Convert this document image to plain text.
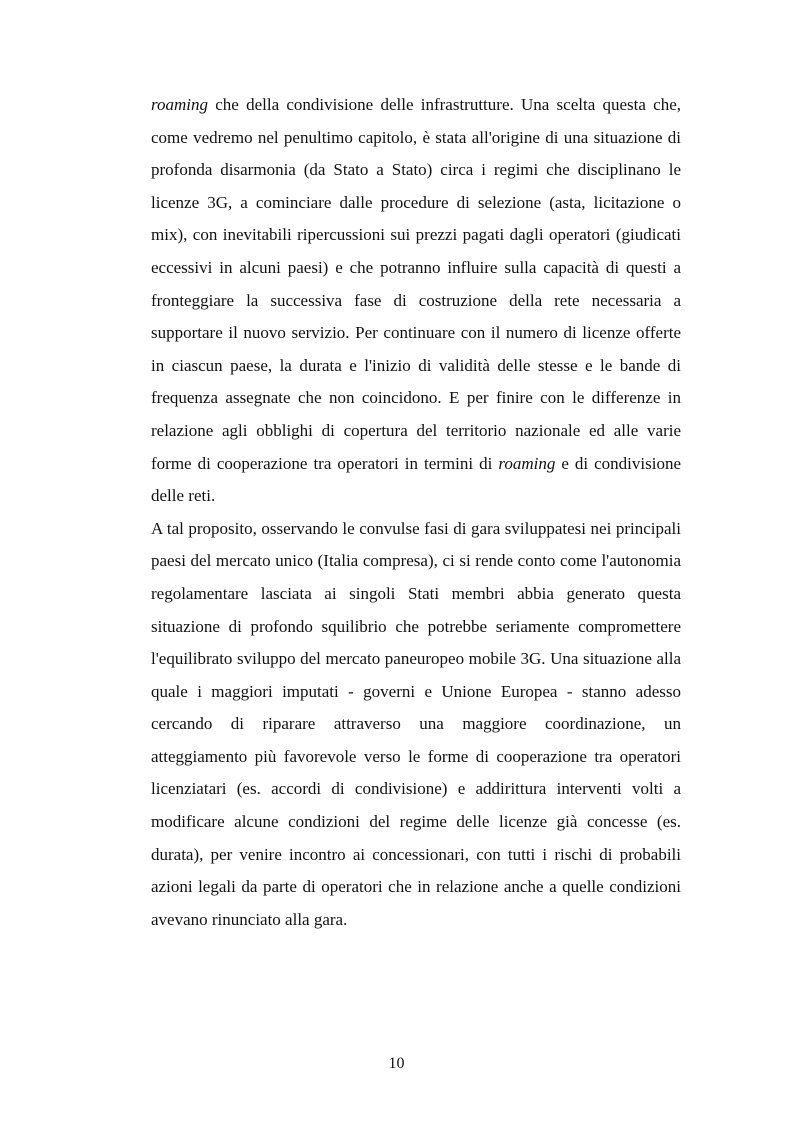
roaming che della condivisione delle infrastrutture. Una scelta questa che, come vedremo nel penultimo capitolo, è stata all'origine di una situazione di profonda disarmonia (da Stato a Stato) circa i regimi che disciplinano le licenze 3G, a cominciare dalle procedure di selezione (asta, licitazione o mix), con inevitabili ripercussioni sui prezzi pagati dagli operatori (giudicati eccessivi in alcuni paesi) e che potranno influire sulla capacità di questi a fronteggiare la successiva fase di costruzione della rete necessaria a supportare il nuovo servizio. Per continuare con il numero di licenze offerte in ciascun paese, la durata e l'inizio di validità delle stesse e le bande di frequenza assegnate che non coincidono. E per finire con le differenze in relazione agli obblighi di copertura del territorio nazionale ed alle varie forme di cooperazione tra operatori in termini di roaming e di condivisione delle reti.

A tal proposito, osservando le convulse fasi di gara sviluppatesi nei principali paesi del mercato unico (Italia compresa), ci si rende conto come l'autonomia regolamentare lasciata ai singoli Stati membri abbia generato questa situazione di profondo squilibrio che potrebbe seriamente compromettere l'equilibrato sviluppo del mercato paneuropeo mobile 3G. Una situazione alla quale i maggiori imputati - governi e Unione Europea - stanno adesso cercando di riparare attraverso una maggiore coordinazione, un atteggiamento più favorevole verso le forme di cooperazione tra operatori licenziatari (es. accordi di condivisione) e addirittura interventi volti a modificare alcune condizioni del regime delle licenze già concesse (es. durata), per venire incontro ai concessionari, con tutti i rischi di probabili azioni legali da parte di operatori che in relazione anche a quelle condizioni avevano rinunciato alla gara.

10
